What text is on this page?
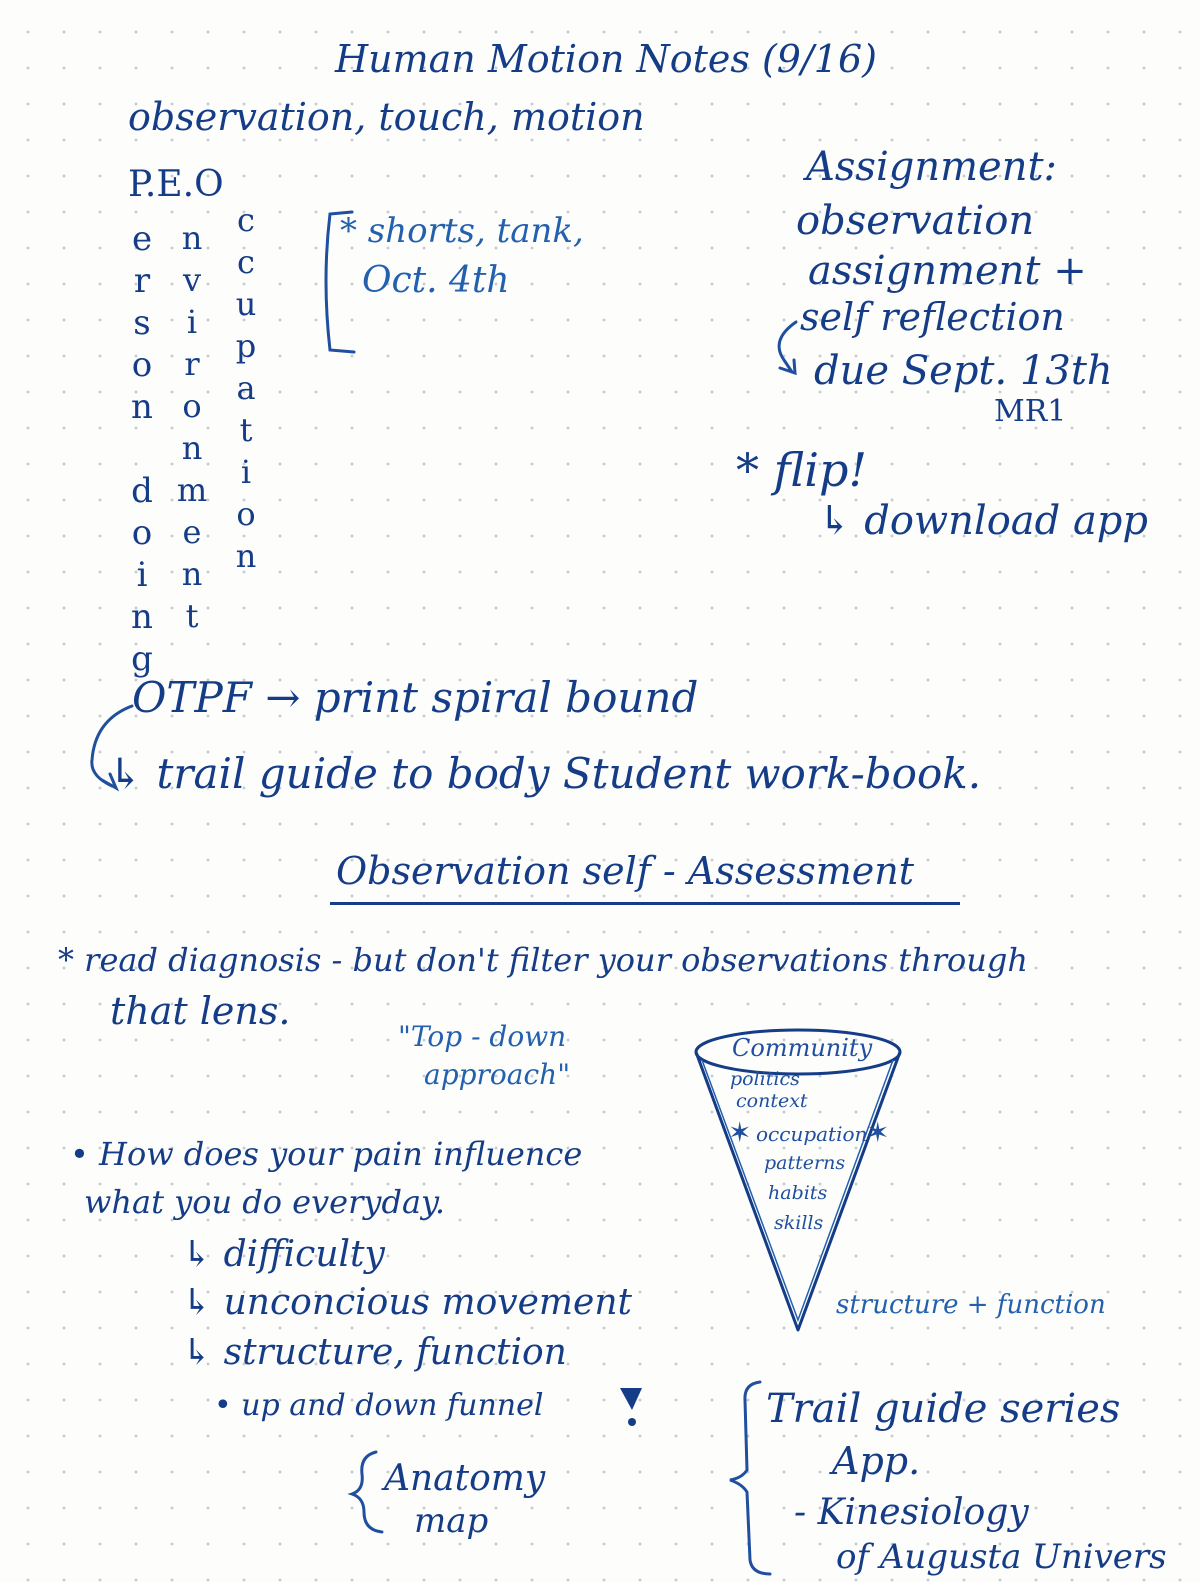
Human Motion Notes (9/16)
observation, touch, motion
P.E.O
e
r
s
o
n

d
o
i
n
g
n
v
i
r
o
n
m
e
n
t
c
c
u
p
a
t
i
o
n
✶	✶
* shorts, tank,
Oct. 4th
Assignment:
observation
assignment +
self reflection
due Sept. 13th
MR1
* flip!
↳ download app
OTPF → print spiral bound
↳ trail guide to body Student work-book.
Observation self - Assessment
* read diagnosis - but don't filter your observations through
that lens.
"Top - down
approach"
Community
politics
context
occupation
patterns
habits
skills
structure + function
• How does your pain influence
what you do everyday.
↳ difficulty
↳ unconcious movement
↳ structure, function
• up and down funnel
Anatomy
map
Trail guide series
App.
- Kinesiology
of Augusta Univers
